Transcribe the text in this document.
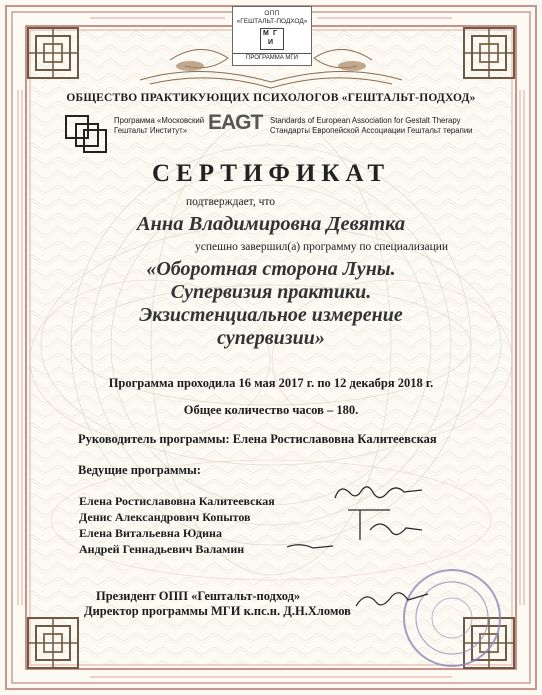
ОПП
«ГЕШТАЛЬТ-ПОДХОД»
М Г
И
ПРОГРАММА МГИ
ОБЩЕСТВО ПРАКТИКУЮЩИХ ПСИХОЛОГОВ «ГЕШТАЛЬТ-ПОДХОД»
Программа «Московский
Гештальт Институт» EAGT Standards of European Association for Gestalt Therapy
Стандарты Европейской Ассоциации Гештальт терапии
СЕРТИФИКАТ
подтверждает, что
Анна Владимировна Девятка
успешно завершил(а) программу по специализации
«Оборотная сторона Луны.
Супервизия практики.
Экзистенциальное измерение
супервизии»
Программа проходила 16 мая 2017 г. по 12 декабря 2018 г.
Общее количество часов – 180.
Руководитель программы: Елена Ростиславовна Калитеевская
Ведущие программы:
Елена Ростиславовна Калитеевская
Денис Александрович Копытов
Елена Витальевна Юдина
Андрей Геннадьевич Валамин
Президент ОПП «Гештальт-подход»
Директор программы МГИ к.пс.н. Д.Н.Хломов
